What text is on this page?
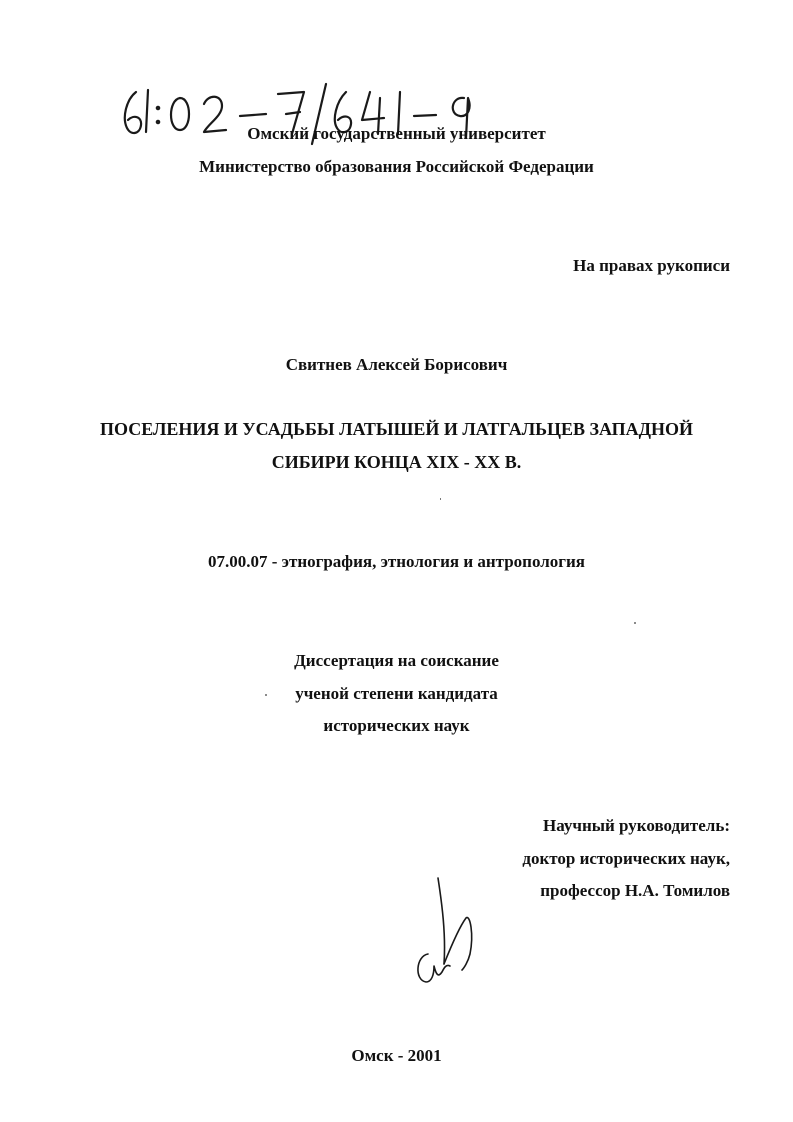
Омский государственный университет
Министерство образования Российской Федерации
На правах рукописи
Свитнев Алексей Борисович
ПОСЕЛЕНИЯ И УСАДЬБЫ ЛАТЫШЕЙ И ЛАТГАЛЬЦЕВ ЗАПАДНОЙ
СИБИРИ КОНЦА XIX - XX В.
07.00.07 - этнография, этнология и антропология
Диссертация на соискание
ученой степени кандидата
исторических наук
Научный руководитель:
доктор исторических наук,
профессор Н.А. Томилов
Омск - 2001
